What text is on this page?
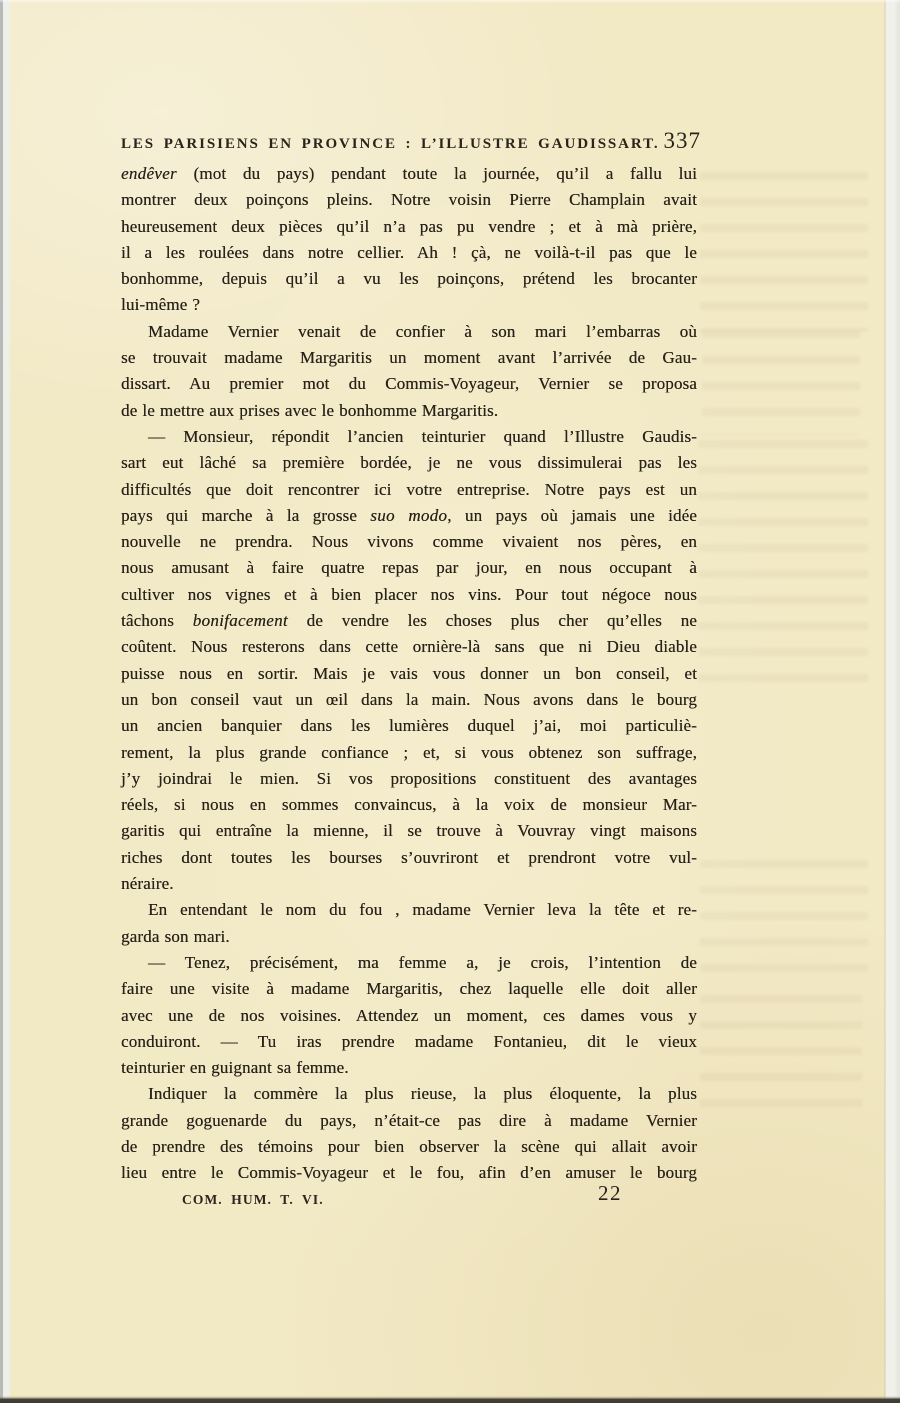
LES PARISIENS EN PROVINCE : L’ILLUSTRE GAUDISSART. 337
endêver (mot du pays) pendant toute la journée, qu’il a fallu lui
montrer deux poinçons pleins. Notre voisin Pierre Champlain avait
heureusement deux pièces qu’il n’a pas pu vendre ; et à mà prière,
il a les roulées dans notre cellier. Ah ! çà, ne voilà-t-il pas que le
bonhomme, depuis qu’il a vu les poinçons, prétend les brocanter
lui-même ?
Madame Vernier venait de confier à son mari l’embarras où
se trouvait madame Margaritis un moment avant l’arrivée de Gau-
dissart. Au premier mot du Commis-Voyageur, Vernier se proposa
de le mettre aux prises avec le bonhomme Margaritis.
— Monsieur, répondit l’ancien teinturier quand l’Illustre Gaudis-
sart eut lâché sa première bordée, je ne vous dissimulerai pas les
difficultés que doit rencontrer ici votre entreprise. Notre pays est un
pays qui marche à la grosse suo modo, un pays où jamais une idée
nouvelle ne prendra. Nous vivons comme vivaient nos pères, en
nous amusant à faire quatre repas par jour, en nous occupant à
cultiver nos vignes et à bien placer nos vins. Pour tout négoce nous
tâchons bonifacement de vendre les choses plus cher qu’elles ne
coûtent. Nous resterons dans cette ornière-là sans que ni Dieu diable
puisse nous en sortir. Mais je vais vous donner un bon conseil, et
un bon conseil vaut un œil dans la main. Nous avons dans le bourg
un ancien banquier dans les lumières duquel j’ai, moi particuliè-
rement, la plus grande confiance ; et, si vous obtenez son suffrage,
j’y joindrai le mien. Si vos propositions constituent des avantages
réels, si nous en sommes convaincus, à la voix de monsieur Mar-
garitis qui entraîne la mienne, il se trouve à Vouvray vingt maisons
riches dont toutes les bourses s’ouvriront et prendront votre vul-
néraire.
En entendant le nom du fou , madame Vernier leva la tête et re-
garda son mari.
— Tenez, précisément, ma femme a, je crois, l’intention de
faire une visite à madame Margaritis, chez laquelle elle doit aller
avec une de nos voisines. Attendez un moment, ces dames vous y
conduiront. — Tu iras prendre madame Fontanieu, dit le vieux
teinturier en guignant sa femme.
Indiquer la commère la plus rieuse, la plus éloquente, la plus
grande goguenarde du pays, n’était-ce pas dire à madame Vernier
de prendre des témoins pour bien observer la scène qui allait avoir
lieu entre le Commis-Voyageur et le fou, afin d’en amuser le bourg
COM. HUM. T. VI.	22
